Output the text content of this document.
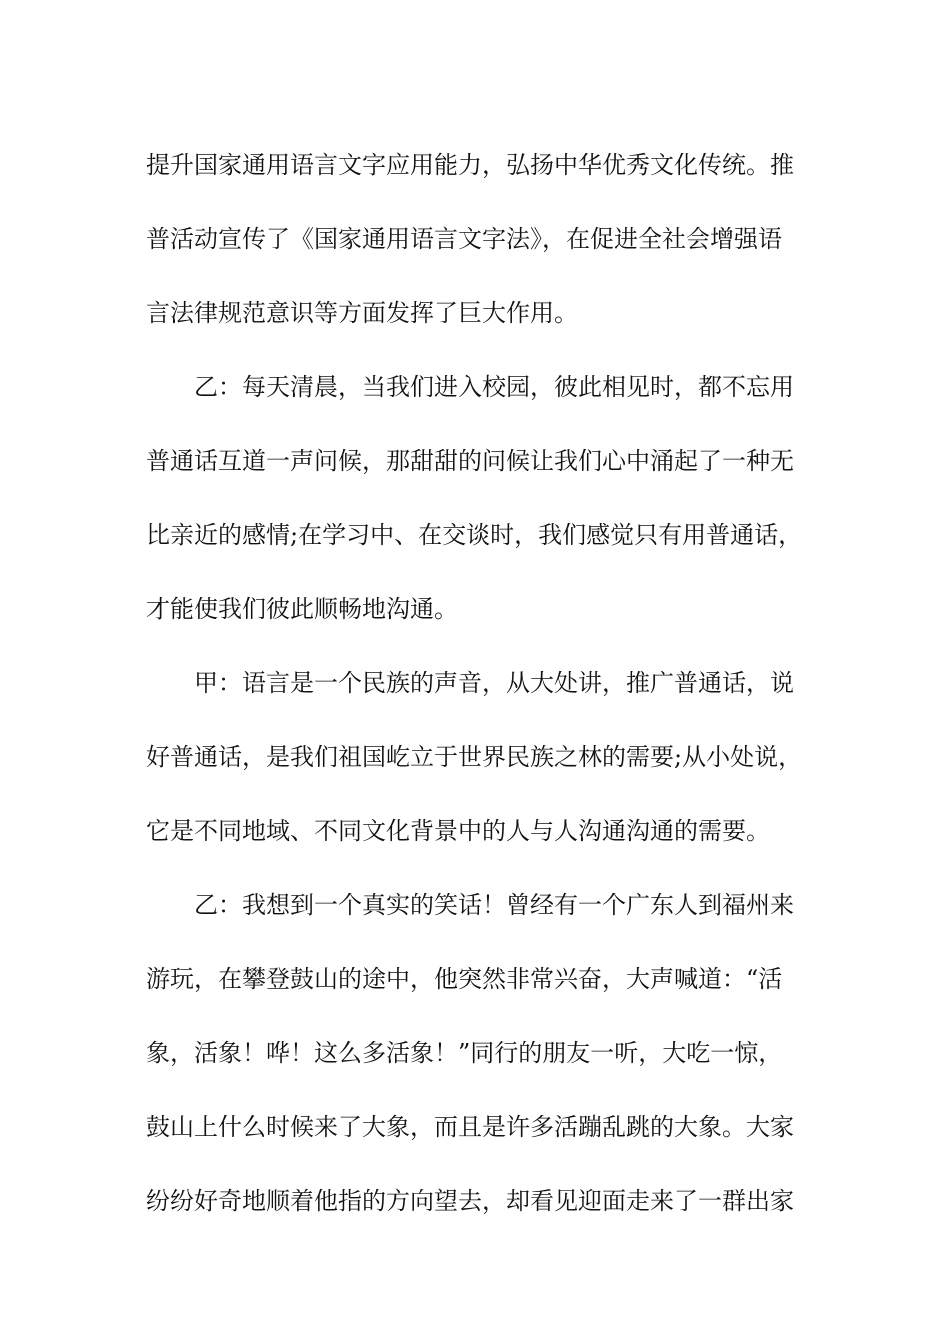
提升国家通用语言文字应用能力，弘扬中华优秀文化传统。推
普活动宣传了《国家通用语言文字法》，在促进全社会增强语
言法律规范意识等方面发挥了巨大作用。
乙：每天清晨，当我们进入校园，彼此相见时，都不忘用
普通话互道一声问候，那甜甜的问候让我们心中涌起了一种无
比亲近的感情;在学习中、在交谈时，我们感觉只有用普通话，
才能使我们彼此顺畅地沟通。
甲：语言是一个民族的声音，从大处讲，推广普通话，说
好普通话，是我们祖国屹立于世界民族之林的需要;从小处说，
它是不同地域、不同文化背景中的人与人沟通沟通的需要。
乙：我想到一个真实的笑话！曾经有一个广东人到福州来
游玩，在攀登鼓山的途中，他突然非常兴奋，大声喊道：“活
象，活象！哗！这么多活象！”同行的朋友一听，大吃一惊，
鼓山上什么时候来了大象，而且是许多活蹦乱跳的大象。大家
纷纷好奇地顺着他指的方向望去，却看见迎面走来了一群出家
